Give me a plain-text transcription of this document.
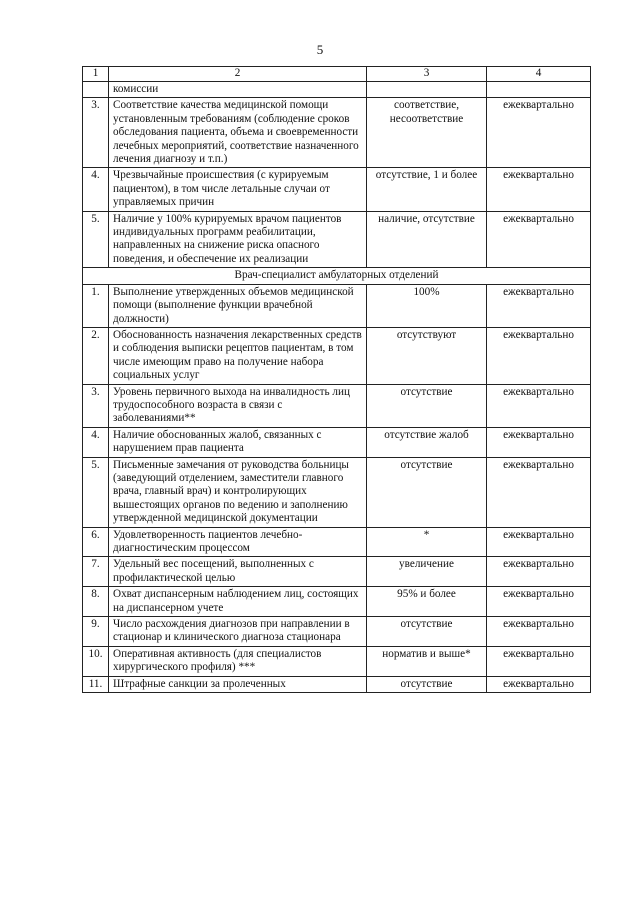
5
1	2	3	4
	комиссии		
3.	Соответствие качества медицинской помощи установленным требованиям (соблюдение сроков обследования пациента, объема и своевременности лечебных мероприятий, соответствие назначенного лечения диагнозу и т.п.)	соответствие, несоответствие	ежеквартально
4.	Чрезвычайные происшествия (с курируемым пациентом), в том числе летальные случаи от управляемых причин	отсутствие, 1 и более	ежеквартально
5.	Наличие у 100% курируемых врачом пациентов индивидуальных программ реабилитации, направленных на снижение риска опасного поведения, и обеспечение их реализации	наличие, отсутствие	ежеквартально
Врач-специалист амбулаторных отделений			
1.	Выполнение утвержденных объемов медицинской помощи (выполнение функции врачебной должности)	100%	ежеквартально
2.	Обоснованность назначения лекарственных средств и соблюдения выписки рецептов пациентам, в том числе имеющим право на получение набора социальных услуг	отсутствуют	ежеквартально
3.	Уровень первичного выхода на инвалидность лиц трудоспособного возраста в связи с заболеваниями**	отсутствие	ежеквартально
4.	Наличие обоснованных жалоб, связанных с нарушением прав пациента	отсутствие жалоб	ежеквартально
5.	Письменные замечания от руководства больницы (заведующий отделением, заместители главного врача, главный врач) и контролирующих вышестоящих органов по ведению и заполнению утвержденной медицинской документации	отсутствие	ежеквартально
6.	Удовлетворенность пациентов лечебно-диагностическим процессом	*	ежеквартально
7.	Удельный вес посещений, выполненных с профилактической целью	увеличение	ежеквартально
8.	Охват диспансерным наблюдением лиц, состоящих на диспансерном учете	95% и более	ежеквартально
9.	Число расхождения диагнозов при направлении в стационар и клинического диагноза стационара	отсутствие	ежеквартально
10.	Оперативная активность (для специалистов хирургического профиля) ***	норматив и выше*	ежеквартально
11.	Штрафные санкции за пролеченных	отсутствие	ежеквартально
